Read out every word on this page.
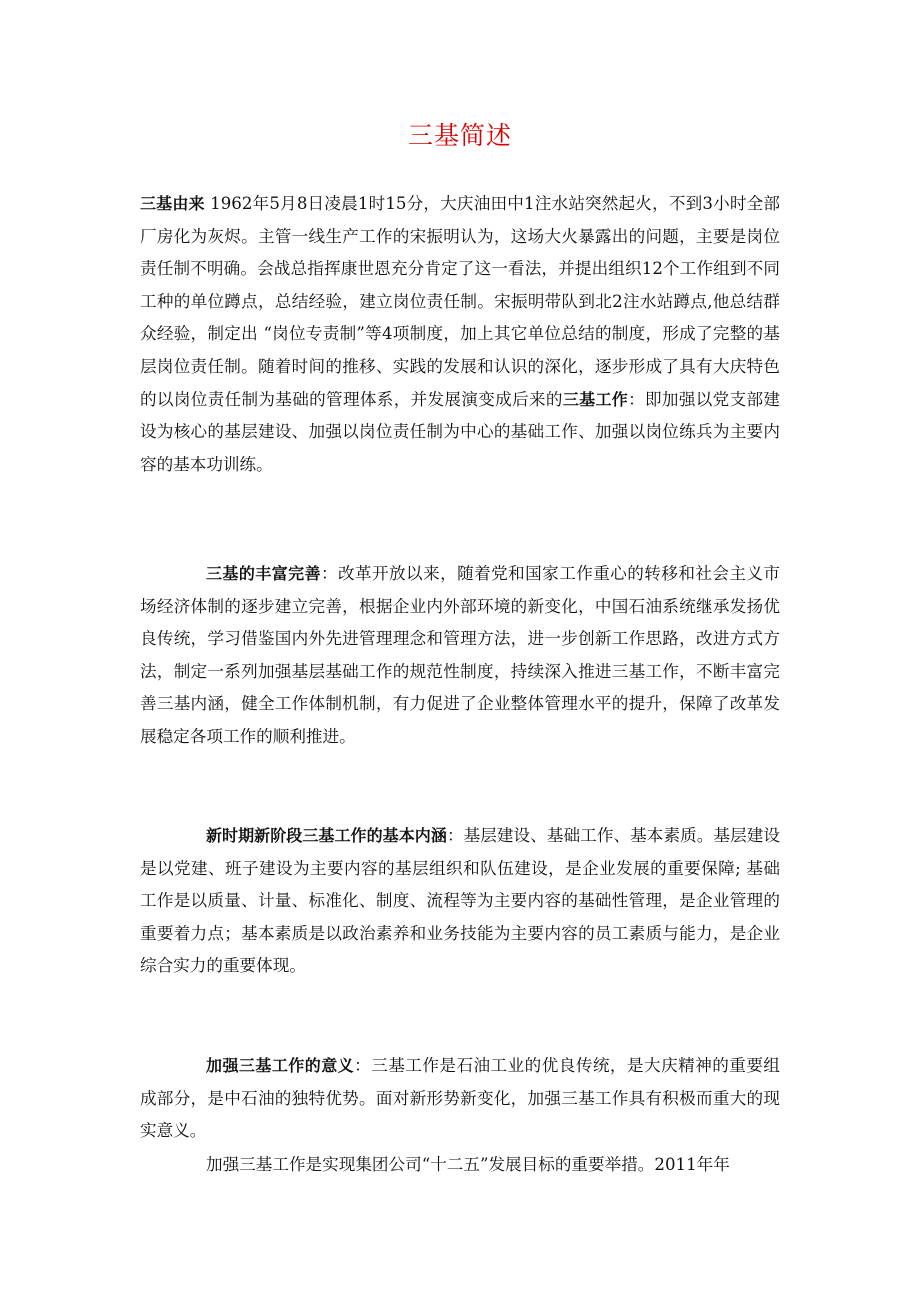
三基简述

三基由来 1962年5月8日凌晨1时15分，大庆油田中1注水站突然起火，不到3小时全部厂房化为灰烬。主管一线生产工作的宋振明认为，这场大火暴露出的问题，主要是岗位责任制不明确。会战总指挥康世恩充分肯定了这一看法，并提出组织12个工作组到不同工种的单位蹲点，总结经验，建立岗位责任制。宋振明带队到北2注水站蹲点,他总结群众经验，制定出 “岗位专责制”等4项制度，加上其它单位总结的制度，形成了完整的基层岗位责任制。随着时间的推移、实践的发展和认识的深化，逐步形成了具有大庆特色的以岗位责任制为基础的管理体系，并发展演变成后来的三基工作：即加强以党支部建设为核心的基层建设、加强以岗位责任制为中心的基础工作、加强以岗位练兵为主要内容的基本功训练。

三基的丰富完善：改革开放以来，随着党和国家工作重心的转移和社会主义市场经济体制的逐步建立完善，根据企业内外部环境的新变化，中国石油系统继承发扬优良传统，学习借鉴国内外先进管理理念和管理方法，进一步创新工作思路，改进方式方法，制定一系列加强基层基础工作的规范性制度，持续深入推进三基工作，不断丰富完善三基内涵，健全工作体制机制，有力促进了企业整体管理水平的提升，保障了改革发展稳定各项工作的顺利推进。

新时期新阶段三基工作的基本内涵：基层建设、基础工作、基本素质。基层建设是以党建、班子建设为主要内容的基层组织和队伍建设，是企业发展的重要保障; 基础工作是以质量、计量、标准化、制度、流程等为主要内容的基础性管理，是企业管理的重要着力点；基本素质是以政治素养和业务技能为主要内容的员工素质与能力，是企业综合实力的重要体现。

加强三基工作的意义：三基工作是石油工业的优良传统，是大庆精神的重要组成部分，是中石油的独特优势。面对新形势新变化，加强三基工作具有积极而重大的现实意义。

加强三基工作是实现集团公司“十二五”发展目标的重要举措。2011年年
